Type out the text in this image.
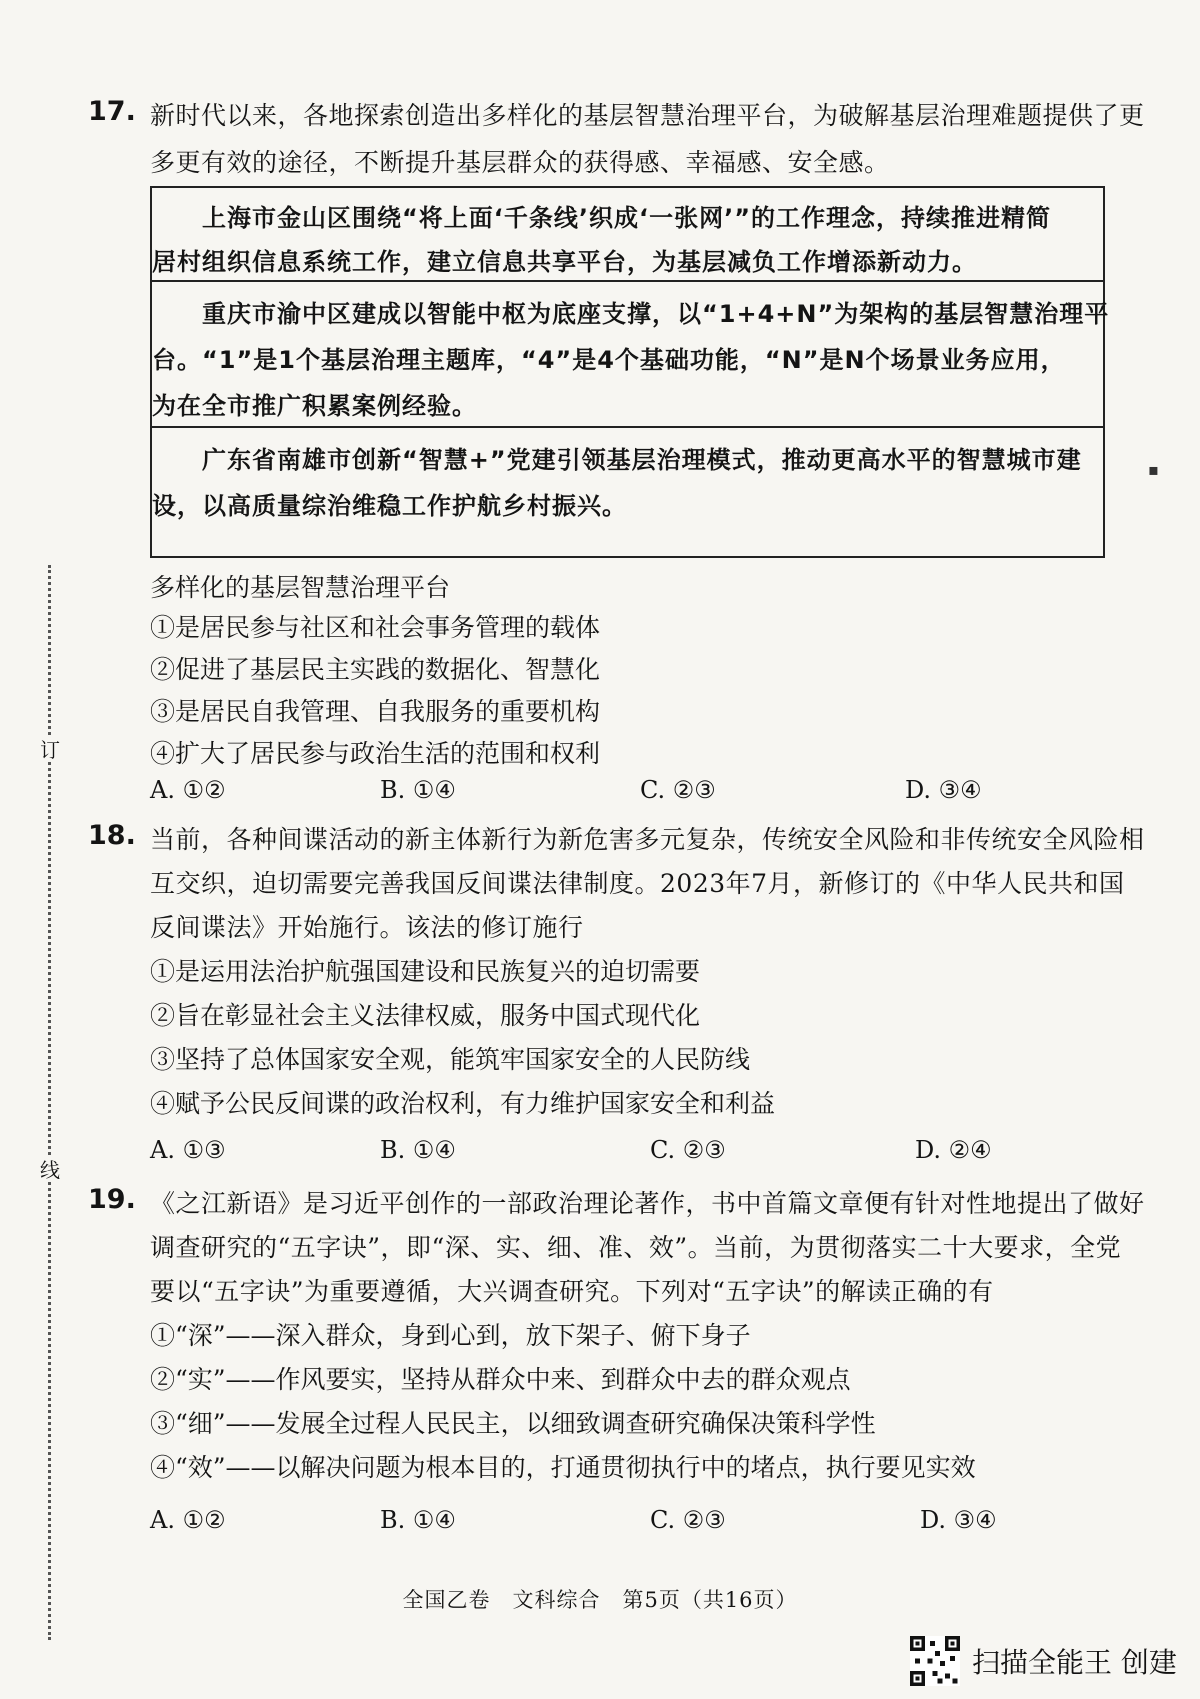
订
线
▪
17. 新时代以来，各地探索创造出多样化的基层智慧治理平台，为破解基层治理难题提供了更
多更有效的途径，不断提升基层群众的获得感、幸福感、安全感。
　　上海市金山区围绕“将上面‘千条线’织成‘一张网’”的工作理念，持续推进精简
居村组织信息系统工作，建立信息共享平台，为基层减负工作增添新动力。
　　重庆市渝中区建成以智能中枢为底座支撑，以“1+4+N”为架构的基层智慧治理平
台。“1”是1个基层治理主题库，“4”是4个基础功能，“N”是N个场景业务应用，
为在全市推广积累案例经验。
　　广东省南雄市创新“智慧+”党建引领基层治理模式，推动更高水平的智慧城市建
设，以高质量综治维稳工作护航乡村振兴。
多样化的基层智慧治理平台
①是居民参与社区和社会事务管理的载体
②促进了基层民主实践的数据化、智慧化
③是居民自我管理、自我服务的重要机构
④扩大了居民参与政治生活的范围和权利
A. ①②	B. ①④	C. ②③	D. ③④
18. 当前，各种间谍活动的新主体新行为新危害多元复杂，传统安全风险和非传统安全风险相
互交织，迫切需要完善我国反间谍法律制度。2023年7月，新修订的《中华人民共和国
反间谍法》开始施行。该法的修订施行
①是运用法治护航强国建设和民族复兴的迫切需要
②旨在彰显社会主义法律权威，服务中国式现代化
③坚持了总体国家安全观，能筑牢国家安全的人民防线
④赋予公民反间谍的政治权利，有力维护国家安全和利益
A. ①③	B. ①④	C. ②③	D. ②④
19. 《之江新语》是习近平创作的一部政治理论著作，书中首篇文章便有针对性地提出了做好
调查研究的“五字诀”，即“深、实、细、准、效”。当前，为贯彻落实二十大要求，全党
要以“五字诀”为重要遵循，大兴调查研究。下列对“五字诀”的解读正确的有
①“深”——深入群众，身到心到，放下架子、俯下身子
②“实”——作风要实，坚持从群众中来、到群众中去的群众观点
③“细”——发展全过程人民民主，以细致调查研究确保决策科学性
④“效”——以解决问题为根本目的，打通贯彻执行中的堵点，执行要见实效
A. ①②	B. ①④	C. ②③	D. ③④
全国乙卷　文科综合　第5页（共16页）
扫描全能王 创建
